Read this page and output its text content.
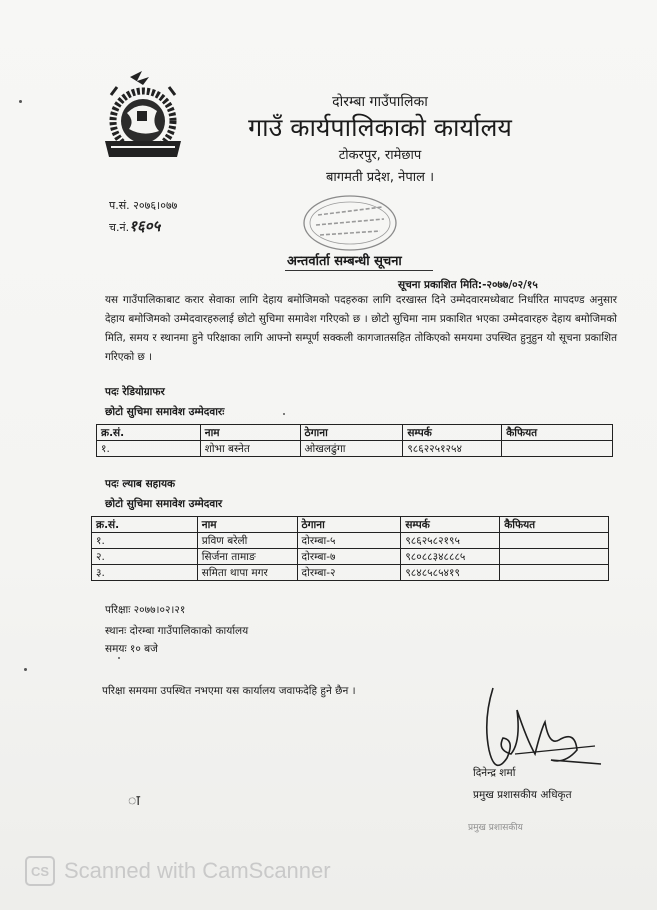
दोरम्बा गाउँपालिका
गाउँ कार्यपालिकाको कार्यालय
टोकरपुर, रामेछाप
बागमती प्रदेश, नेपाल ।
प.सं. २०७६।०७७
च.नं.१६०५
अन्तर्वार्ता सम्बन्धी सूचना
सूचना प्रकाशित मिति:-२०७७/०२/१५
यस गाउँपालिकाबाट करार सेवाका लागि देहाय बमोजिमको पदहरुका लागि दरखास्त दिने उम्मेदवारमध्येबाट निर्धारित मापदण्ड अनुसार देहाय बमोजिमको उम्मेदवारहरुलाई छोटो सुचिमा समावेश गरिएको छ । छोटो सुचिमा नाम प्रकाशित भएका उम्मेदवारहरु देहाय बमोजिमको मिति, समय र स्थानमा हुने परिक्षाका लागि आफ्नो सम्पूर्ण सक्कली कागजातसहित तोकिएको समयमा उपस्थित हुनुहुन यो सूचना प्रकाशित गरिएको छ ।
पदः रेडियोग्राफर
छोटो सुचिमा समावेश उम्मेदवारः
क्र.सं.	नाम	ठेगाना	सम्पर्क	कैफियत
१.	शोभा बस्नेत	ओखलढुंगा	९८६२२५१२५४	
पदः ल्याब सहायक
छोटो सुचिमा समावेश उम्मेदवार
क्र.सं.	नाम	ठेगाना	सम्पर्क	कैफियत
१.	प्रविण बरेली	दोरम्बा-५	९८६२५८२१९५	
२.	सिर्जना तामाङ	दोरम्बा-७	९८०८८३४८८८५	
३.	समिता थापा मगर	दोरम्बा-२	९८४८५८५४१९	
परिक्षाः २०७७।०२।२१
स्थानः दोरम्बा गाउँपालिकाको कार्यालय
समयः १० बजे
परिक्षा समयमा उपस्थित नभएमा यस कार्यालय जवाफदेहि हुने छैन ।
दिनेन्द्र शर्मा
प्रमुख प्रशासकीय अधिकृत
प्रमुख प्रशासकीय
ा
CS Scanned with CamScanner
